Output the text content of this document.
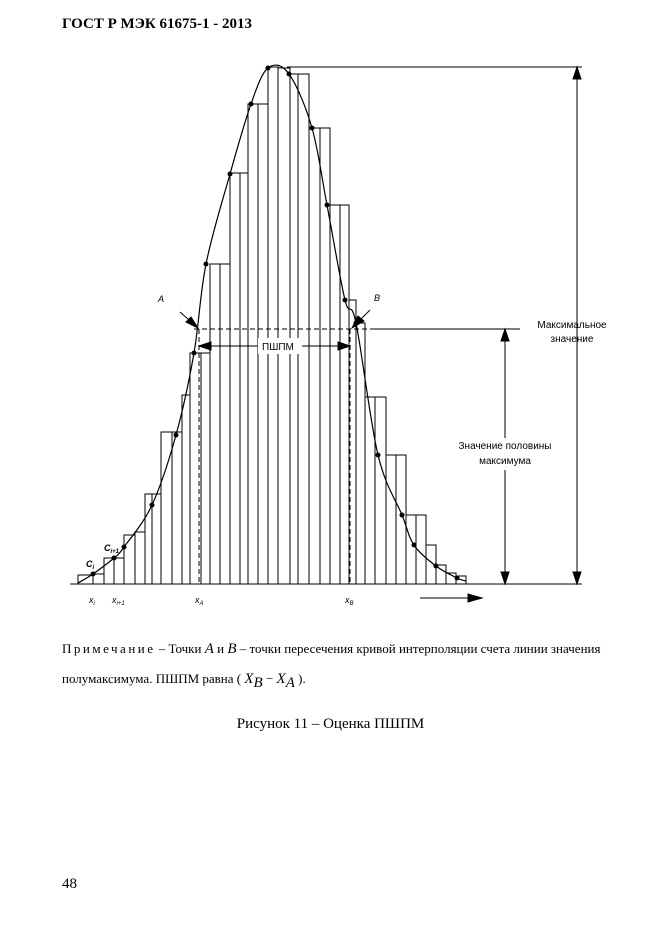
ГОСТ Р МЭК 61675-1 - 2013
A	B
ПШПМ
Максимальное
значение
Значение половины
максимума
$C_i$
$C_{i+1}$
$x_i$ $x_{i+1}$	$x_A$	$x_B$
Примечание – Точки A и B – точки пересечения кривой интерполяции счета линии значения полумаксимума. ПШПМ равна ( $X_B - X_A$ ).
Рисунок 11 – Оценка ПШПМ
48
